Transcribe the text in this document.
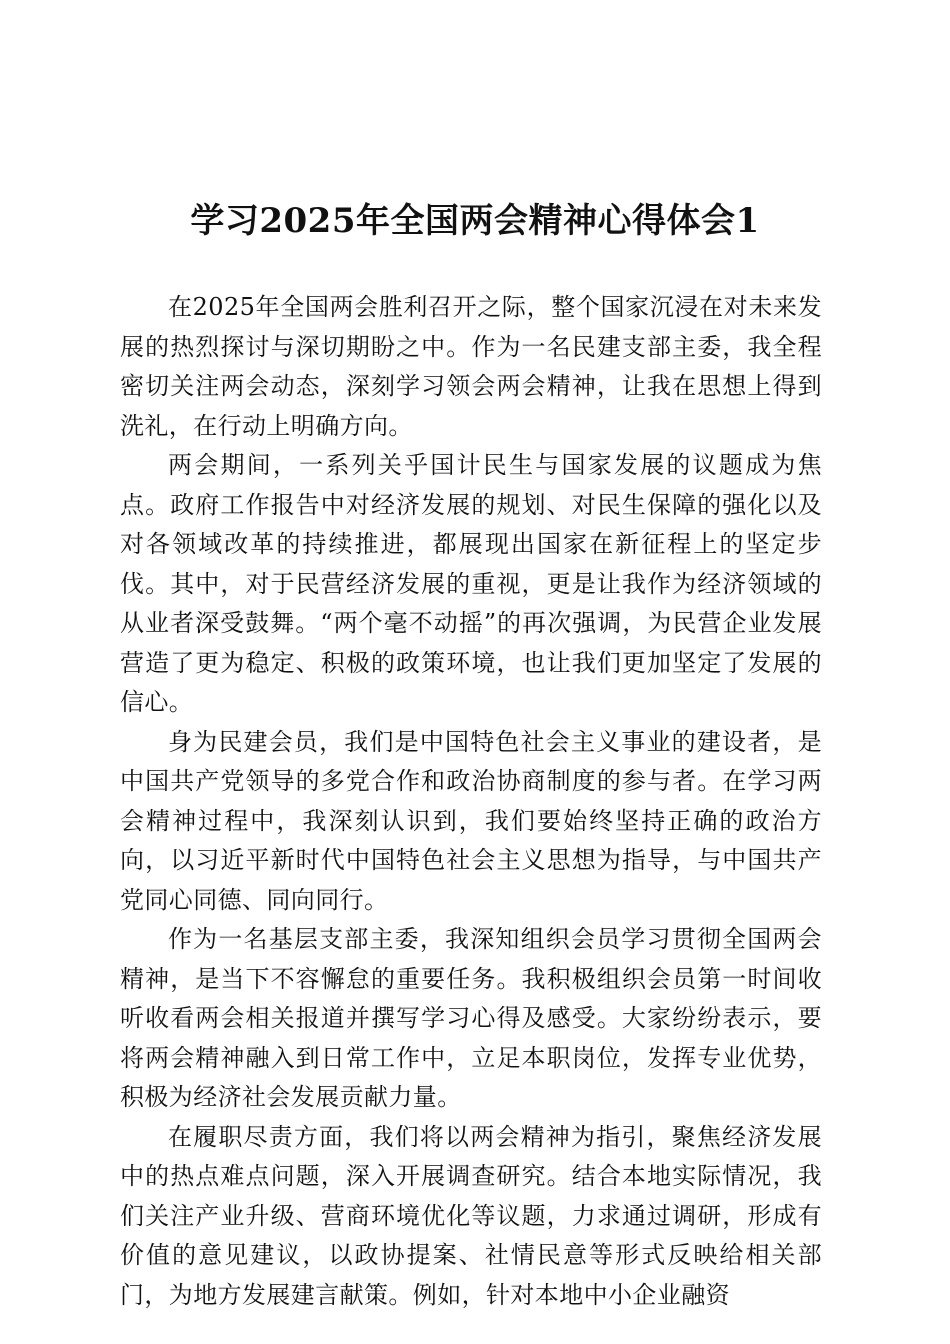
学习2025年全国两会精神心得体会1

在2025年全国两会胜利召开之际，整个国家沉浸在对未来发展的热烈探讨与深切期盼之中。作为一名民建支部主委，我全程密切关注两会动态，深刻学习领会两会精神，让我在思想上得到洗礼，在行动上明确方向。

两会期间，一系列关乎国计民生与国家发展的议题成为焦点。政府工作报告中对经济发展的规划、对民生保障的强化以及对各领域改革的持续推进，都展现出国家在新征程上的坚定步伐。其中，对于民营经济发展的重视，更是让我作为经济领域的从业者深受鼓舞。“两个毫不动摇”的再次强调，为民营企业发展营造了更为稳定、积极的政策环境，也让我们更加坚定了发展的信心。

身为民建会员，我们是中国特色社会主义事业的建设者，是中国共产党领导的多党合作和政治协商制度的参与者。在学习两会精神过程中，我深刻认识到，我们要始终坚持正确的政治方向，以习近平新时代中国特色社会主义思想为指导，与中国共产党同心同德、同向同行。

作为一名基层支部主委，我深知组织会员学习贯彻全国两会精神，是当下不容懈怠的重要任务。我积极组织会员第一时间收听收看两会相关报道并撰写学习心得及感受。大家纷纷表示，要将两会精神融入到日常工作中，立足本职岗位，发挥专业优势，积极为经济社会发展贡献力量。

在履职尽责方面，我们将以两会精神为指引，聚焦经济发展中的热点难点问题，深入开展调查研究。结合本地实际情况，我们关注产业升级、营商环境优化等议题，力求通过调研，形成有价值的意见建议，以政协提案、社情民意等形式反映给相关部门，为地方发展建言献策。例如，针对本地中小企业融资
